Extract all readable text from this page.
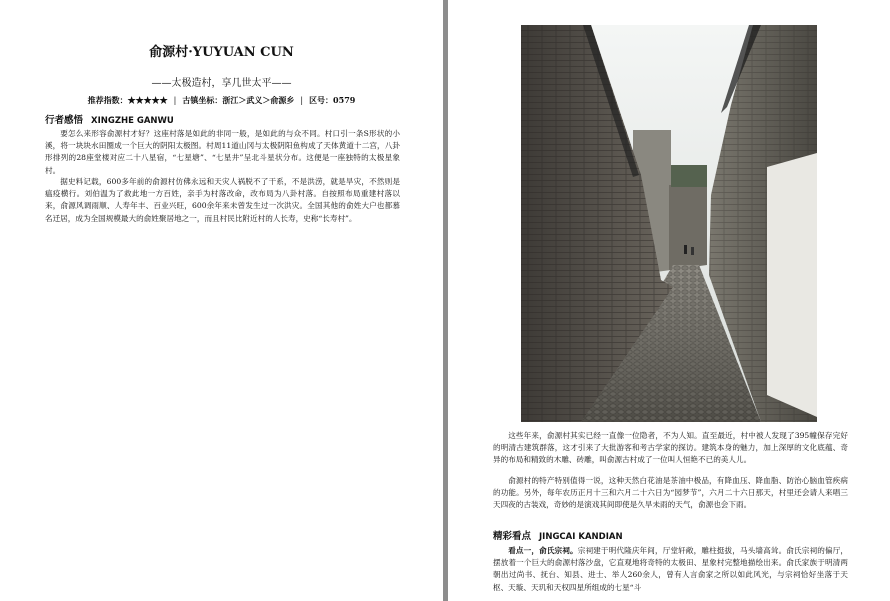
俞源村·YUYUAN CUN
——太极造村，享几世太平——
推荐指数：★★★★★ | 古镇坐标：浙江＞武义＞俞源乡 | 区号：0579
行者感悟 XINGZHE GANWU

要怎么来形容俞源村才好？这座村落是如此的非同一般，是如此的与众不同。村口引一条S形状的小溪，将一块块水田圈成一个巨大的阴阳太极图。村周11道山冈与太极阴阳鱼构成了天体黄道十二宫，八卦形排列的28座堂楼对应二十八星宿，“七星塘”、“七星井”呈北斗星状分布。这便是一座独特的太极星象村。

据史料记载，600多年前的俞源村仿佛永远和天灾人祸脱不了干系，不是洪涝，就是旱灾，不然则是瘟疫横行。刘伯温为了救此地一方百姓，亲手为村落改命，改布局为八卦村落。自按照布局重建村落以来，俞源风调雨顺、人寿年丰、百业兴旺，600余年来未曾发生过一次洪灾。全国其他的俞姓大户也都慕名迁居，成为全国规模最大的俞姓聚居地之一，而且村民比附近村的人长寿，史称“长寿村”。

这些年来，俞源村其实已经一直像一位隐者，不为人知。直至最近，村中被人发现了395幢保存完好的明清古建筑群落，这才引来了大批游客和考古学家的探访。建筑本身的魅力，加上深厚的文化底蕴、奇异的布局和精致的木雕、砖雕，叫俞源古村成了一位叫人恒艳不已的美人儿。

俞源村的特产特别值得一说，这种天然白花油是茶油中极品，有降血压、降血脂、防治心脑血管疾病的功能。另外，每年农历正月十三和六月二十六日为“园梦节”，六月二十六日那天，村里还会请人来唱三天四夜的古装戏，奇妙的是演戏其间即使是久旱未雨的天气，俞源也会下雨。

精彩看点 JINGCAI KANDIAN

看点一，俞氏宗祠。宗祠建于明代隆庆年间，厅堂轩敞，雕柱挺拔，马头墙高耸。俞氏宗祠的偏厅，摆放着一个巨大的俞源村落沙盘，它直观地将奇特的太极田、星象村完整地描绘出来。俞氏家族于明清两朝出过尚书、抚台、知县、进士、举人260余人，曾有人言俞家之所以如此风光，与宗祠恰好坐落于天枢、天璇、天玑和天权四星所组成的七星“斗
